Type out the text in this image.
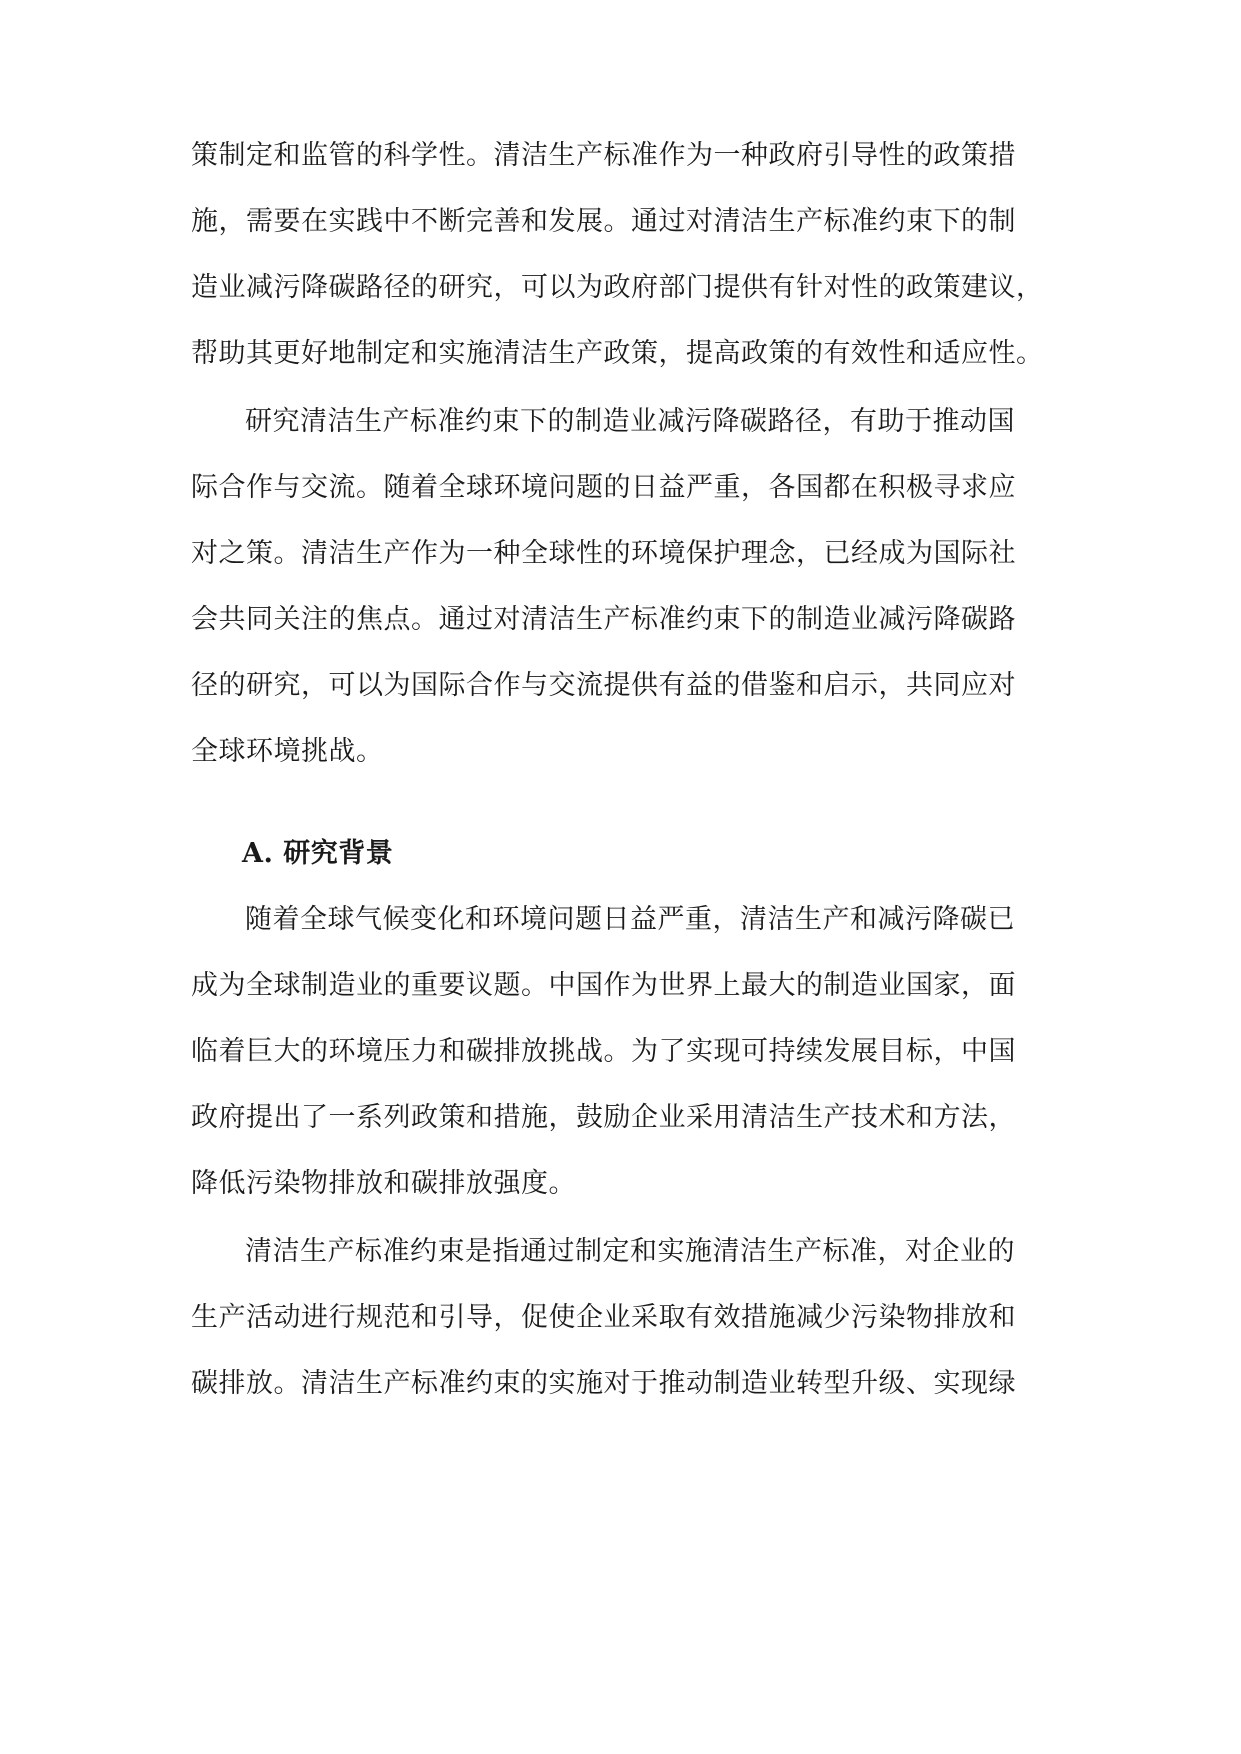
策制定和监管的科学性。清洁生产标准作为一种政府引导性的政策措
施，需要在实践中不断完善和发展。通过对清洁生产标准约束下的制
造业减污降碳路径的研究，可以为政府部门提供有针对性的政策建议，
帮助其更好地制定和实施清洁生产政策，提高政策的有效性和适应性。
研究清洁生产标准约束下的制造业减污降碳路径，有助于推动国
际合作与交流。随着全球环境问题的日益严重，各国都在积极寻求应
对之策。清洁生产作为一种全球性的环境保护理念，已经成为国际社
会共同关注的焦点。通过对清洁生产标准约束下的制造业减污降碳路
径的研究，可以为国际合作与交流提供有益的借鉴和启示，共同应对
全球环境挑战。
A. 研究背景
随着全球气候变化和环境问题日益严重，清洁生产和减污降碳已
成为全球制造业的重要议题。中国作为世界上最大的制造业国家，面
临着巨大的环境压力和碳排放挑战。为了实现可持续发展目标，中国
政府提出了一系列政策和措施，鼓励企业采用清洁生产技术和方法，
降低污染物排放和碳排放强度。
清洁生产标准约束是指通过制定和实施清洁生产标准，对企业的
生产活动进行规范和引导，促使企业采取有效措施减少污染物排放和
碳排放。清洁生产标准约束的实施对于推动制造业转型升级、实现绿
